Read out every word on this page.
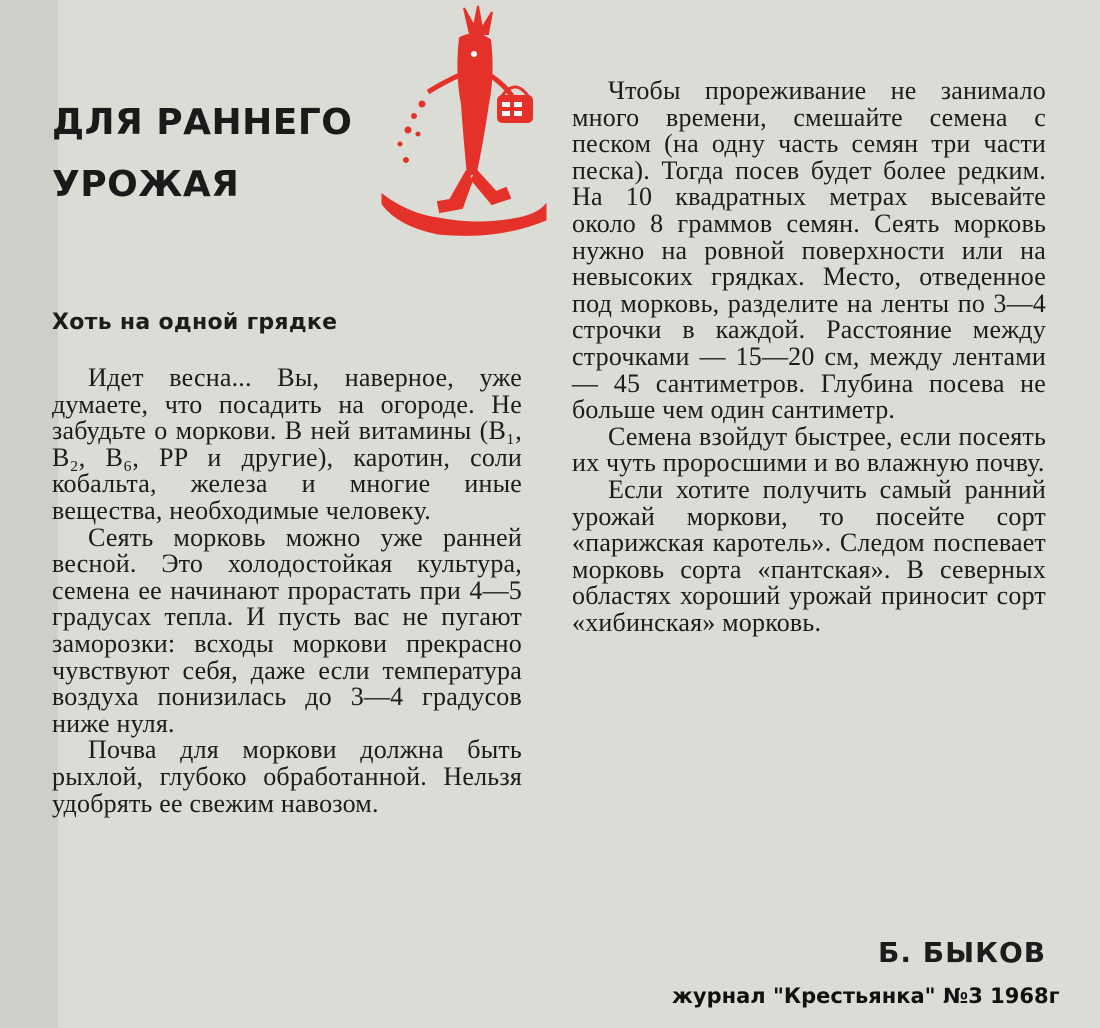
ДЛЯ РАННЕГО
УРОЖАЯ
Хоть на одной грядке

Идет весна... Вы, наверное, уже думаете, что посадить на огороде. Не забудьте о моркови. В ней витамины (B₁, B₂, B₆, PP и другие), каротин, соли кобальта, железа и многие иные вещества, необходимые человеку.

Сеять морковь можно уже ранней весной. Это холодостойкая культура, семена ее начинают прорастать при 4—5 градусах тепла. И пусть вас не пугают заморозки: всходы моркови прекрасно чувствуют себя, даже если температура воздуха понизилась до 3—4 градусов ниже нуля.

Почва для моркови должна быть рыхлой, глубоко обработанной. Нельзя удобрять ее свежим навозом.

Чтобы прореживание не занимало много времени, смешайте семена с песком (на одну часть семян три части песка). Тогда посев будет более редким. На 10 квадратных метрах высевайте около 8 граммов семян. Сеять морковь нужно на ровной поверхности или на невысоких грядках. Место, отведенное под морковь, разделите на ленты по 3—4 строчки в каждой. Расстояние между строчками — 15—20 см, между лентами — 45 сантиметров. Глубина посева не больше чем один сантиметр.

Семена взойдут быстрее, если посеять их чуть проросшими и во влажную почву.

Если хотите получить самый ранний урожай моркови, то посейте сорт «парижская каротель». Следом поспевает морковь сорта «пантская». В северных областях хороший урожай приносит сорт «хибинская» морковь.

Б. БЫКОВ
журнал "Крестьянка" №3 1968г
